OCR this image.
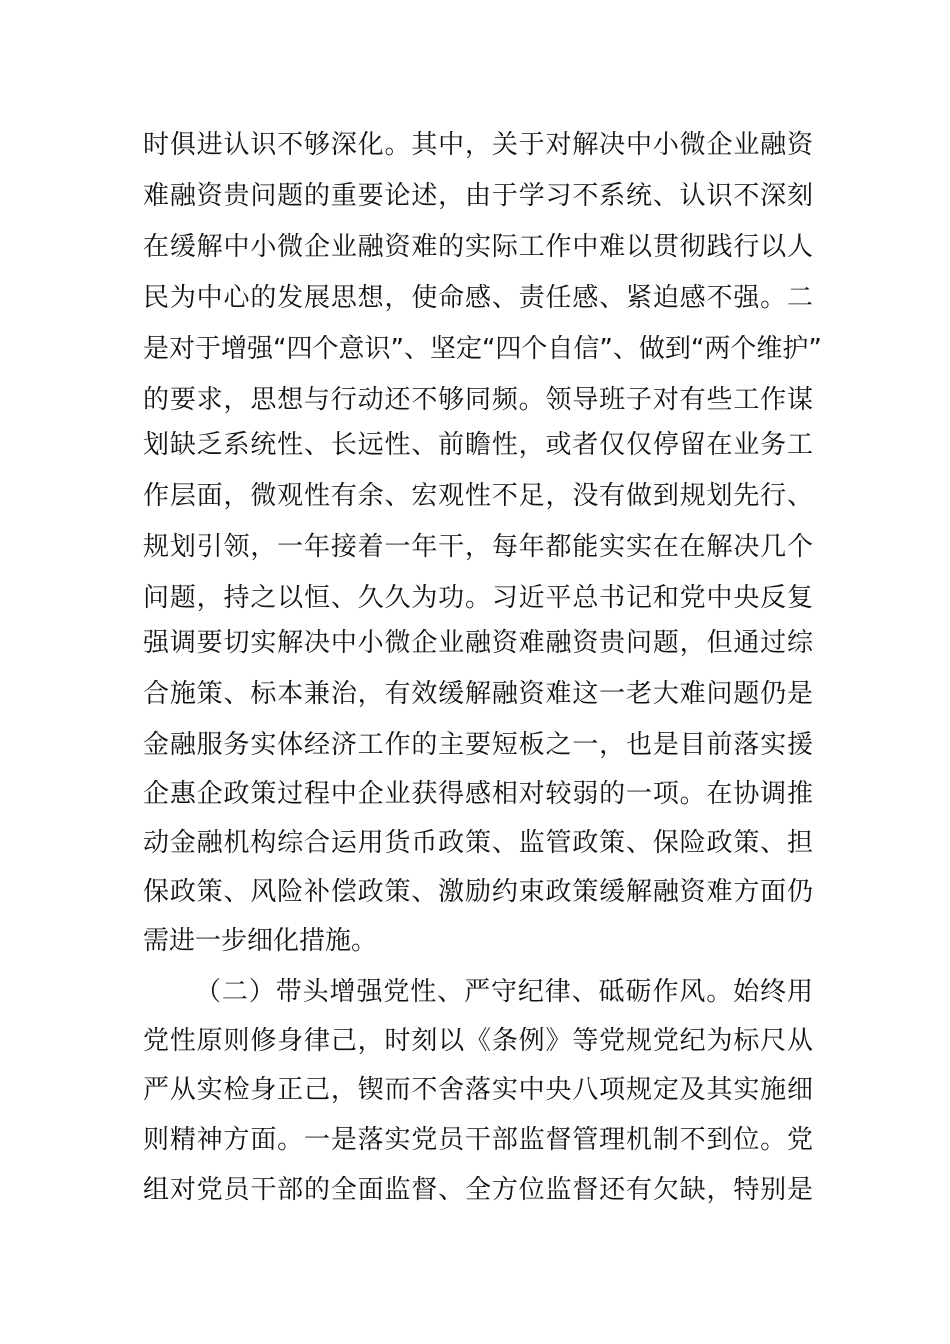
时俱进认识不够深化。其中，关于对解决中小微企业融资
难融资贵问题的重要论述，由于学习不系统、认识不深刻
在缓解中小微企业融资难的实际工作中难以贯彻践行以人
民为中心的发展思想，使命感、责任感、紧迫感不强。二
是对于增强“四个意识”、坚定“四个自信”、做到“两个维护”
的要求，思想与行动还不够同频。领导班子对有些工作谋
划缺乏系统性、长远性、前瞻性，或者仅仅停留在业务工
作层面，微观性有余、宏观性不足，没有做到规划先行、
规划引领，一年接着一年干，每年都能实实在在解决几个
问题，持之以恒、久久为功。习近平总书记和党中央反复
强调要切实解决中小微企业融资难融资贵问题，但通过综
合施策、标本兼治，有效缓解融资难这一老大难问题仍是
金融服务实体经济工作的主要短板之一，也是目前落实援
企惠企政策过程中企业获得感相对较弱的一项。在协调推
动金融机构综合运用货币政策、监管政策、保险政策、担
保政策、风险补偿政策、激励约束政策缓解融资难方面仍
需进一步细化措施。
（二）带头增强党性、严守纪律、砥砺作风。始终用
党性原则修身律己，时刻以《条例》等党规党纪为标尺从
严从实检身正己，锲而不舍落实中央八项规定及其实施细
则精神方面。一是落实党员干部监督管理机制不到位。党
组对党员干部的全面监督、全方位监督还有欠缺，特别是
